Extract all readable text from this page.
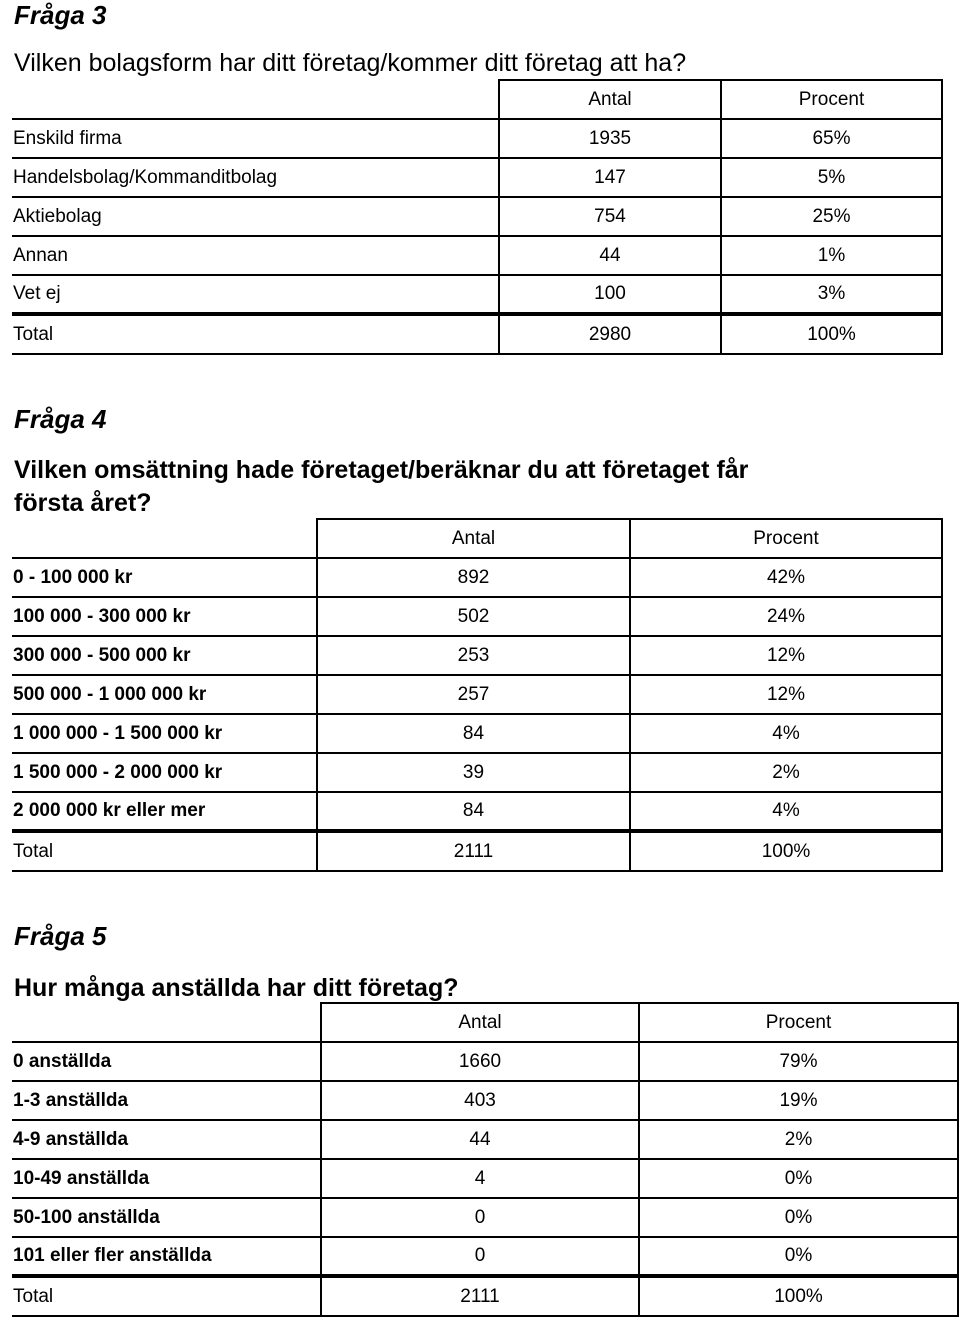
Fråga 3
Vilken bolagsform har ditt företag/kommer ditt företag att ha?
	Antal	Procent
Enskild firma	1935	65%
Handelsbolag/Kommanditbolag	147	5%
Aktiebolag	754	25%
Annan	44	1%
Vet ej	100	3%
Total	2980	100%
Fråga 4
Vilken omsättning hade företaget/beräknar du att företaget får
första året?
	Antal	Procent
0 - 100 000 kr	892	42%
100 000 - 300 000 kr	502	24%
300 000 - 500 000 kr	253	12%
500 000 - 1 000 000 kr	257	12%
1 000 000 - 1 500 000 kr	84	4%
1 500 000 - 2 000 000 kr	39	2%
2 000 000 kr eller mer	84	4%
Total	2111	100%
Fråga 5
Hur många anställda har ditt företag?
	Antal	Procent
0 anställda	1660	79%
1-3 anställda	403	19%
4-9 anställda	44	2%
10-49 anställda	4	0%
50-100 anställda	0	0%
101 eller fler anställda	0	0%
Total	2111	100%
